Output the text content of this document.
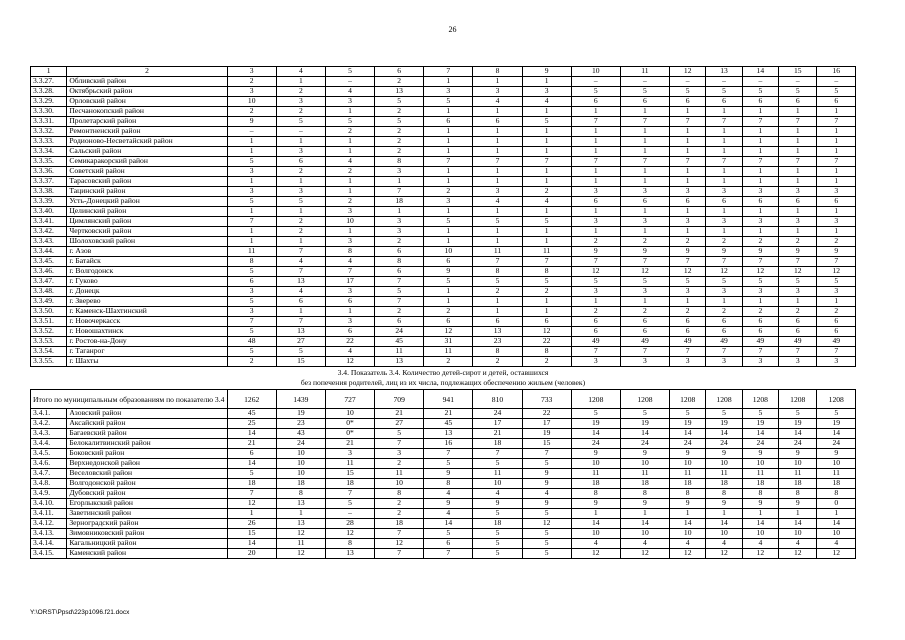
26
1	2	3	4	5	6	7	8	9	10	11	12	13	14	15	16
3.3.27.	Обливский район	2	1	–	2	1	1	1	–	–	–	–	–	–	–
3.3.28.	Октябрьский район	3	2	4	13	3	3	3	5	5	5	5	5	5	5
3.3.29.	Орловский район	10	3	3	5	5	4	4	6	6	6	6	6	6	6
3.3.30.	Песчанокопский район	2	2	1	2	1	1	1	1	1	1	1	1	1	1
3.3.31.	Пролетарский район	9	5	5	5	6	6	5	7	7	7	7	7	7	7
3.3.32.	Ремонтненский район	–	–	2	2	1	1	1	1	1	1	1	1	1	1
3.3.33.	Родионово-Несветайский район	1	1	1	2	1	1	1	1	1	1	1	1	1	1
3.3.34.	Сальский район	1	3	1	2	1	1	1	1	1	1	1	1	1	1
3.3.35.	Семикаракорский район	5	6	4	8	7	7	7	7	7	7	7	7	7	7
3.3.36.	Советский район	3	2	2	3	1	1	1	1	1	1	1	1	1	1
3.3.37.	Тарасовский район	1	1	1	1	1	1	1	1	1	1	1	1	1	1
3.3.38.	Тацинский район	3	3	1	7	2	3	2	3	3	3	3	3	3	3
3.3.39.	Усть-Донецкий район	5	5	2	18	3	4	4	6	6	6	6	6	6	6
3.3.40.	Целинский район	1	1	3	1	1	1	1	1	1	1	1	1	1	1
3.3.41.	Цимлянский район	7	2	10	3	5	5	5	3	3	3	3	3	3	3
3.3.42.	Чертковский район	1	2	1	3	1	1	1	1	1	1	1	1	1	1
3.3.43.	Шолоховский район	1	1	3	2	1	1	1	2	2	2	2	2	2	2
3.3.44.	г. Азов	11	7	8	6	10	11	11	9	9	9	9	9	9	9
3.3.45.	г. Батайск	8	4	4	8	6	7	7	7	7	7	7	7	7	7
3.3.46.	г. Волгодонск	5	7	7	6	9	8	8	12	12	12	12	12	12	12
3.3.47.	г. Гуково	6	13	17	7	5	5	5	5	5	5	5	5	5	5
3.3.48.	г. Донецк	3	4	3	5	1	2	2	3	3	3	3	3	3	3
3.3.49.	г. Зверево	5	6	6	7	1	1	1	1	1	1	1	1	1	1
3.3.50.	г. Каменск-Шахтинский	3	1	1	2	2	1	1	2	2	2	2	2	2	2
3.3.51.	г. Новочеркасск	7	7	3	6	6	6	6	6	6	6	6	6	6	6
3.3.52.	г. Новошахтинск	5	13	6	24	12	13	12	6	6	6	6	6	6	6
3.3.53.	г. Ростов-на-Дону	48	27	22	45	31	23	22	49	49	49	49	49	49	49
3.3.54.	г. Таганрог	5	5	4	11	11	8	8	7	7	7	7	7	7	7
3.3.55.	г. Шахты	2	15	12	13	2	2	2	3	3	3	3	3	3	3

3.4. Показатель 3.4. Количество детей-сирот и детей, оставшихся
без попечения родителей, лиц из их числа, подлежащих обеспечению жильем (человек)															

Итого по муниципальным образованиям по показателю 3.4		1262	1439	727	709	941	810	733	1208	1208	1208	1208	1208	1208	1208
3.4.1.	Азовский район	45	19	10	21	21	24	22	5	5	5	5	5	5	5
3.4.2.	Аксайский район	25	23	0*	27	45	17	17	19	19	19	19	19	19	19
3.4.3.	Багаевский район	14	43	0*	5	13	21	19	14	14	14	14	14	14	14
3.4.4.	Белокалитвинский район	21	24	21	7	16	18	15	24	24	24	24	24	24	24
3.4.5.	Боковский район	6	10	3	3	7	7	7	9	9	9	9	9	9	9
3.4.6.	Верхнедонской район	14	10	11	2	5	5	5	10	10	10	10	10	10	10
3.4.7.	Веселовский район	5	10	15	11	9	11	9	11	11	11	11	11	11	11
3.4.8.	Волгодонской район	18	18	18	10	8	10	9	18	18	18	18	18	18	18
3.4.9.	Дубовский район	7	8	7	8	4	4	4	8	8	8	8	8	8	8
3.4.10.	Егорлыкский район	12	13	5	2	9	9	9	9	9	9	9	9	9	0
3.4.11.	Заветинский район	1	1	–	2	4	5	5	1	1	1	1	1	1	1
3.4.12.	Зерноградский район	26	13	28	18	14	18	12	14	14	14	14	14	14	14
3.4.13.	Зимовниковский район	15	12	12	7	5	5	5	10	10	10	10	10	10	10
3.4.14.	Кагальницкий район	14	11	8	12	6	5	5	4	4	4	4	4	4	4
3.4.15.	Каменский район	20	12	13	7	7	5	5	12	12	12	12	12	12	12
Y:\ORST\Ppsd\223p1096.f21.docx
